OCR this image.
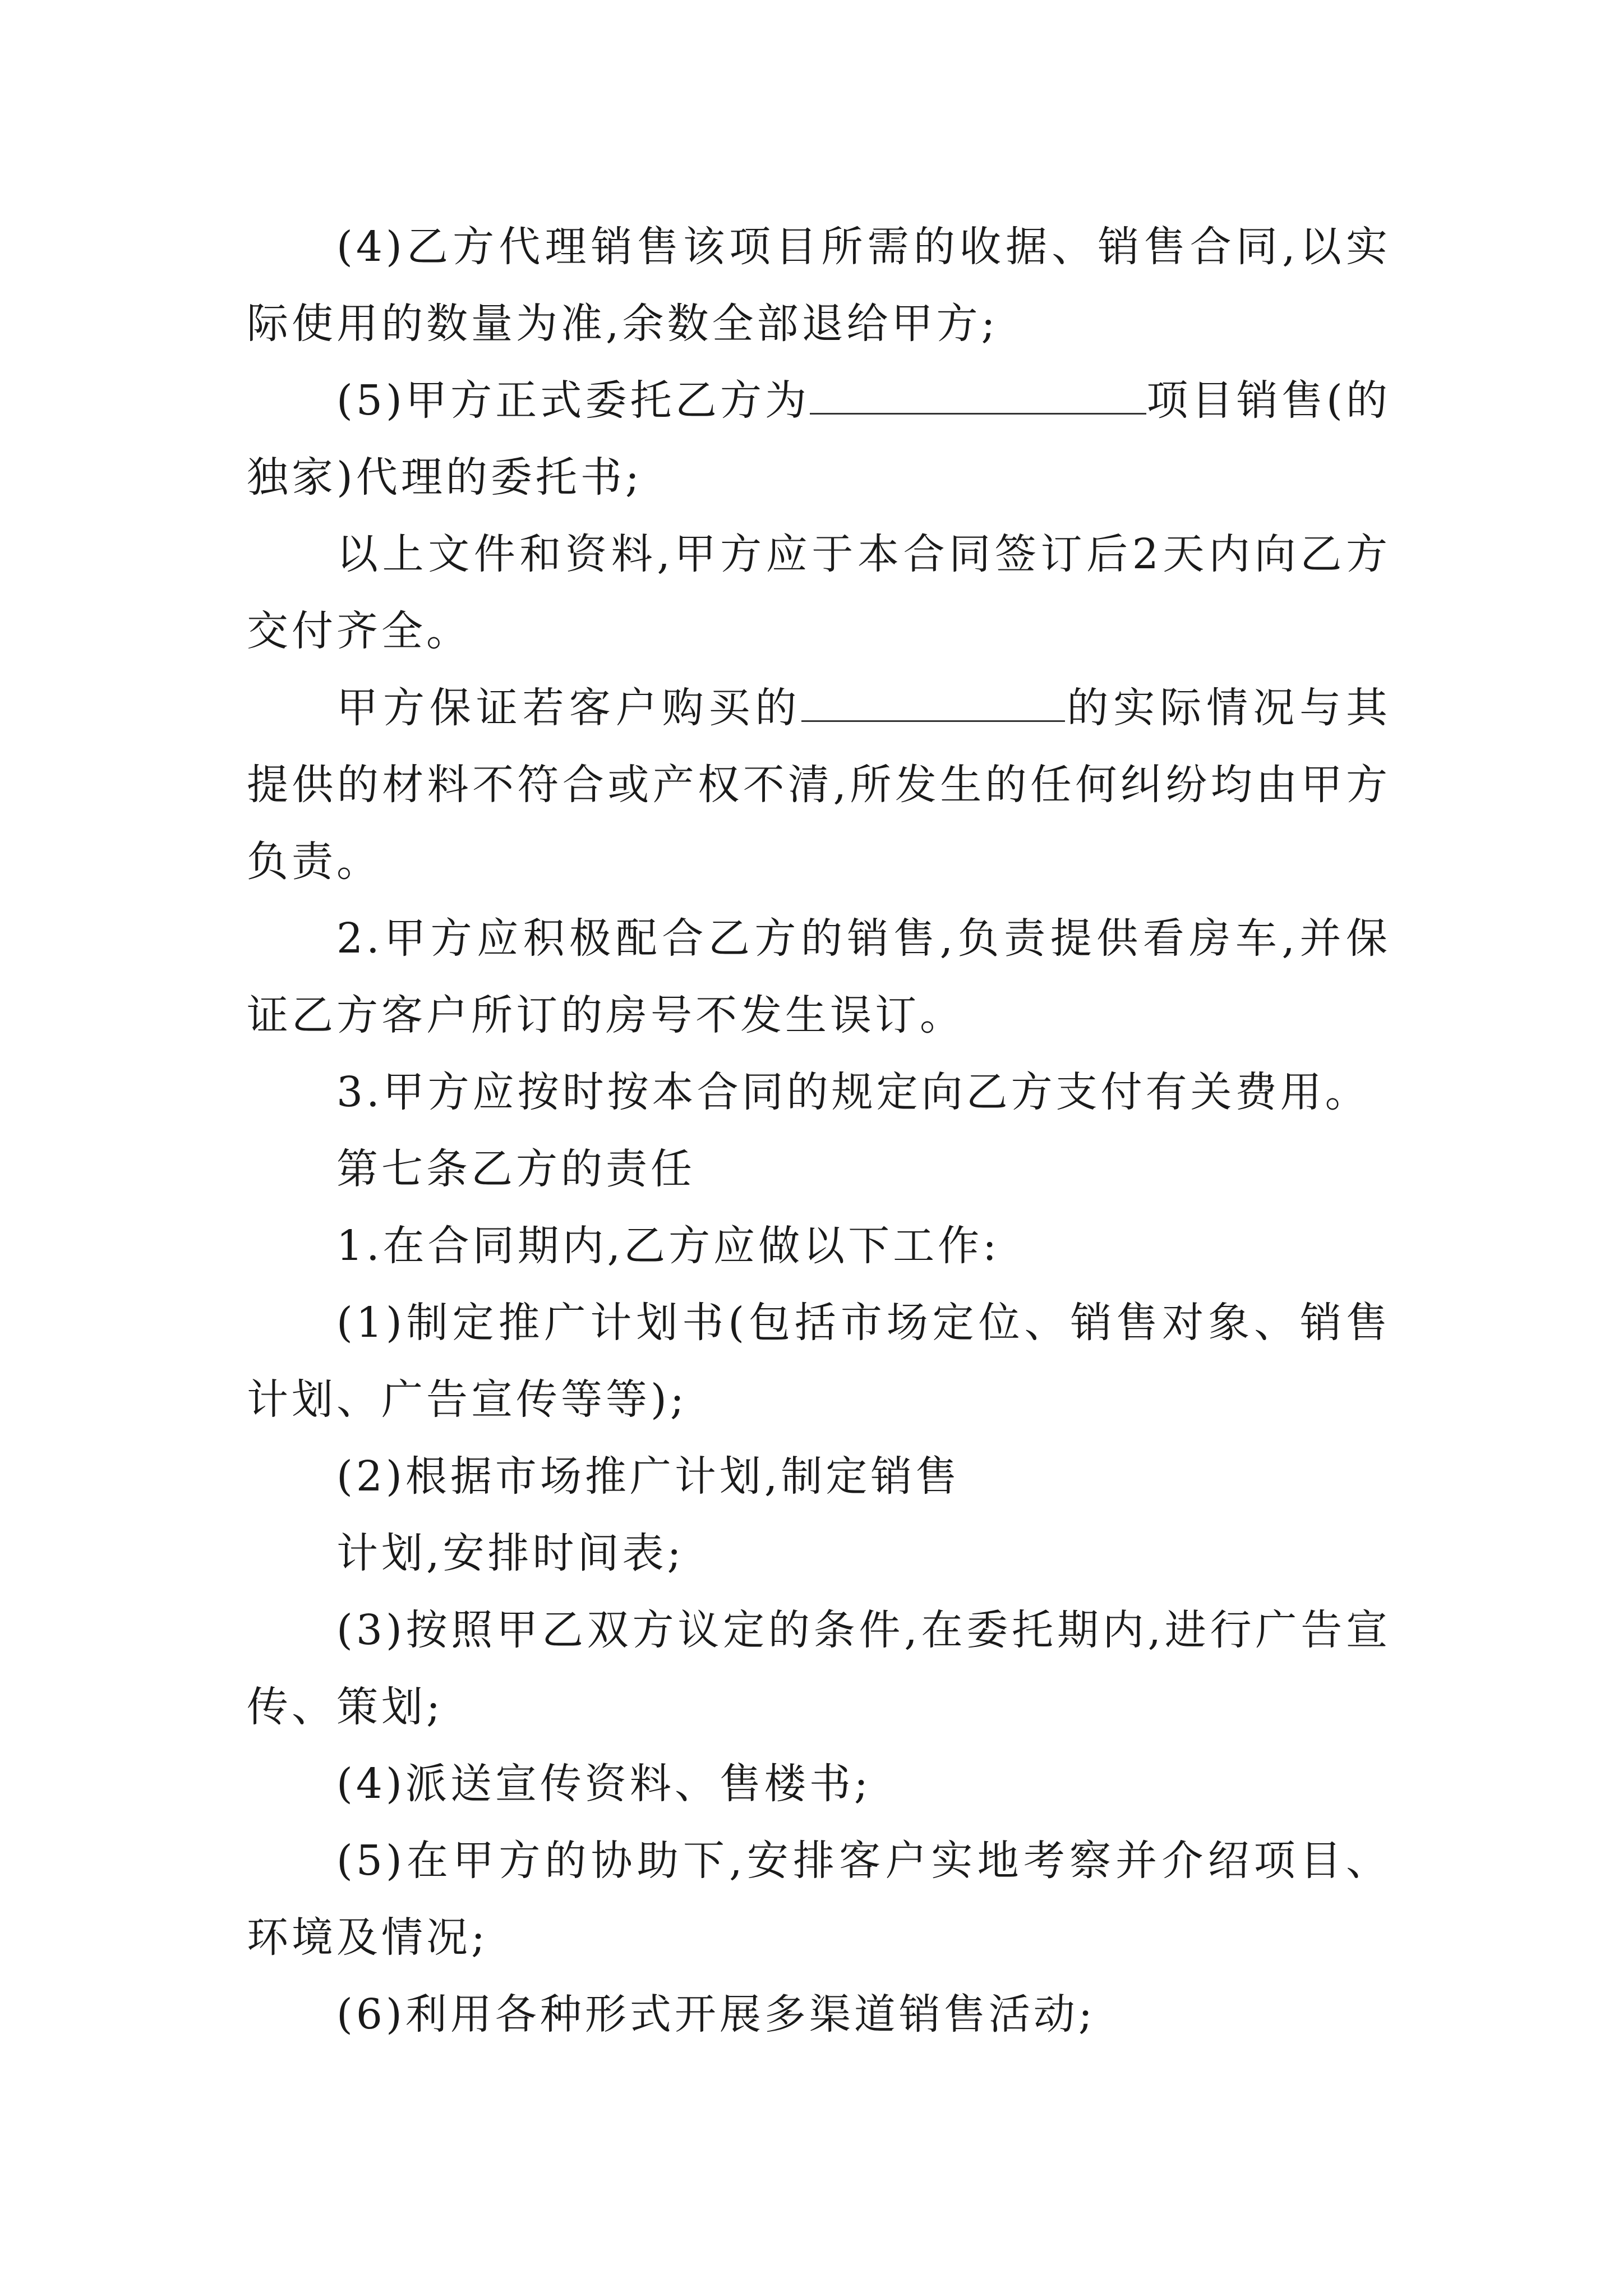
(4)乙方代理销售该项目所需的收据、销售合同,以实际使用的数量为准,余数全部退给甲方;

(5)甲方正式委托乙方为	项目销售(的独家)代理的委托书;

以上文件和资料,甲方应于本合同签订后2天内向乙方交付齐全。

甲方保证若客户购买的	的实际情况与其提供的材料不符合或产权不清,所发生的任何纠纷均由甲方负责。

2.甲方应积极配合乙方的销售,负责提供看房车,并保证乙方客户所订的房号不发生误订。

3.甲方应按时按本合同的规定向乙方支付有关费用。

第七条乙方的责任

1.在合同期内,乙方应做以下工作:

(1)制定推广计划书(包括市场定位、销售对象、销售计划、广告宣传等等);

(2)根据市场推广计划,制定销售

计划,安排时间表;

(3)按照甲乙双方议定的条件,在委托期内,进行广告宣传、策划;

(4)派送宣传资料、售楼书;

(5)在甲方的协助下,安排客户实地考察并介绍项目、环境及情况;

(6)利用各种形式开展多渠道销售活动;
